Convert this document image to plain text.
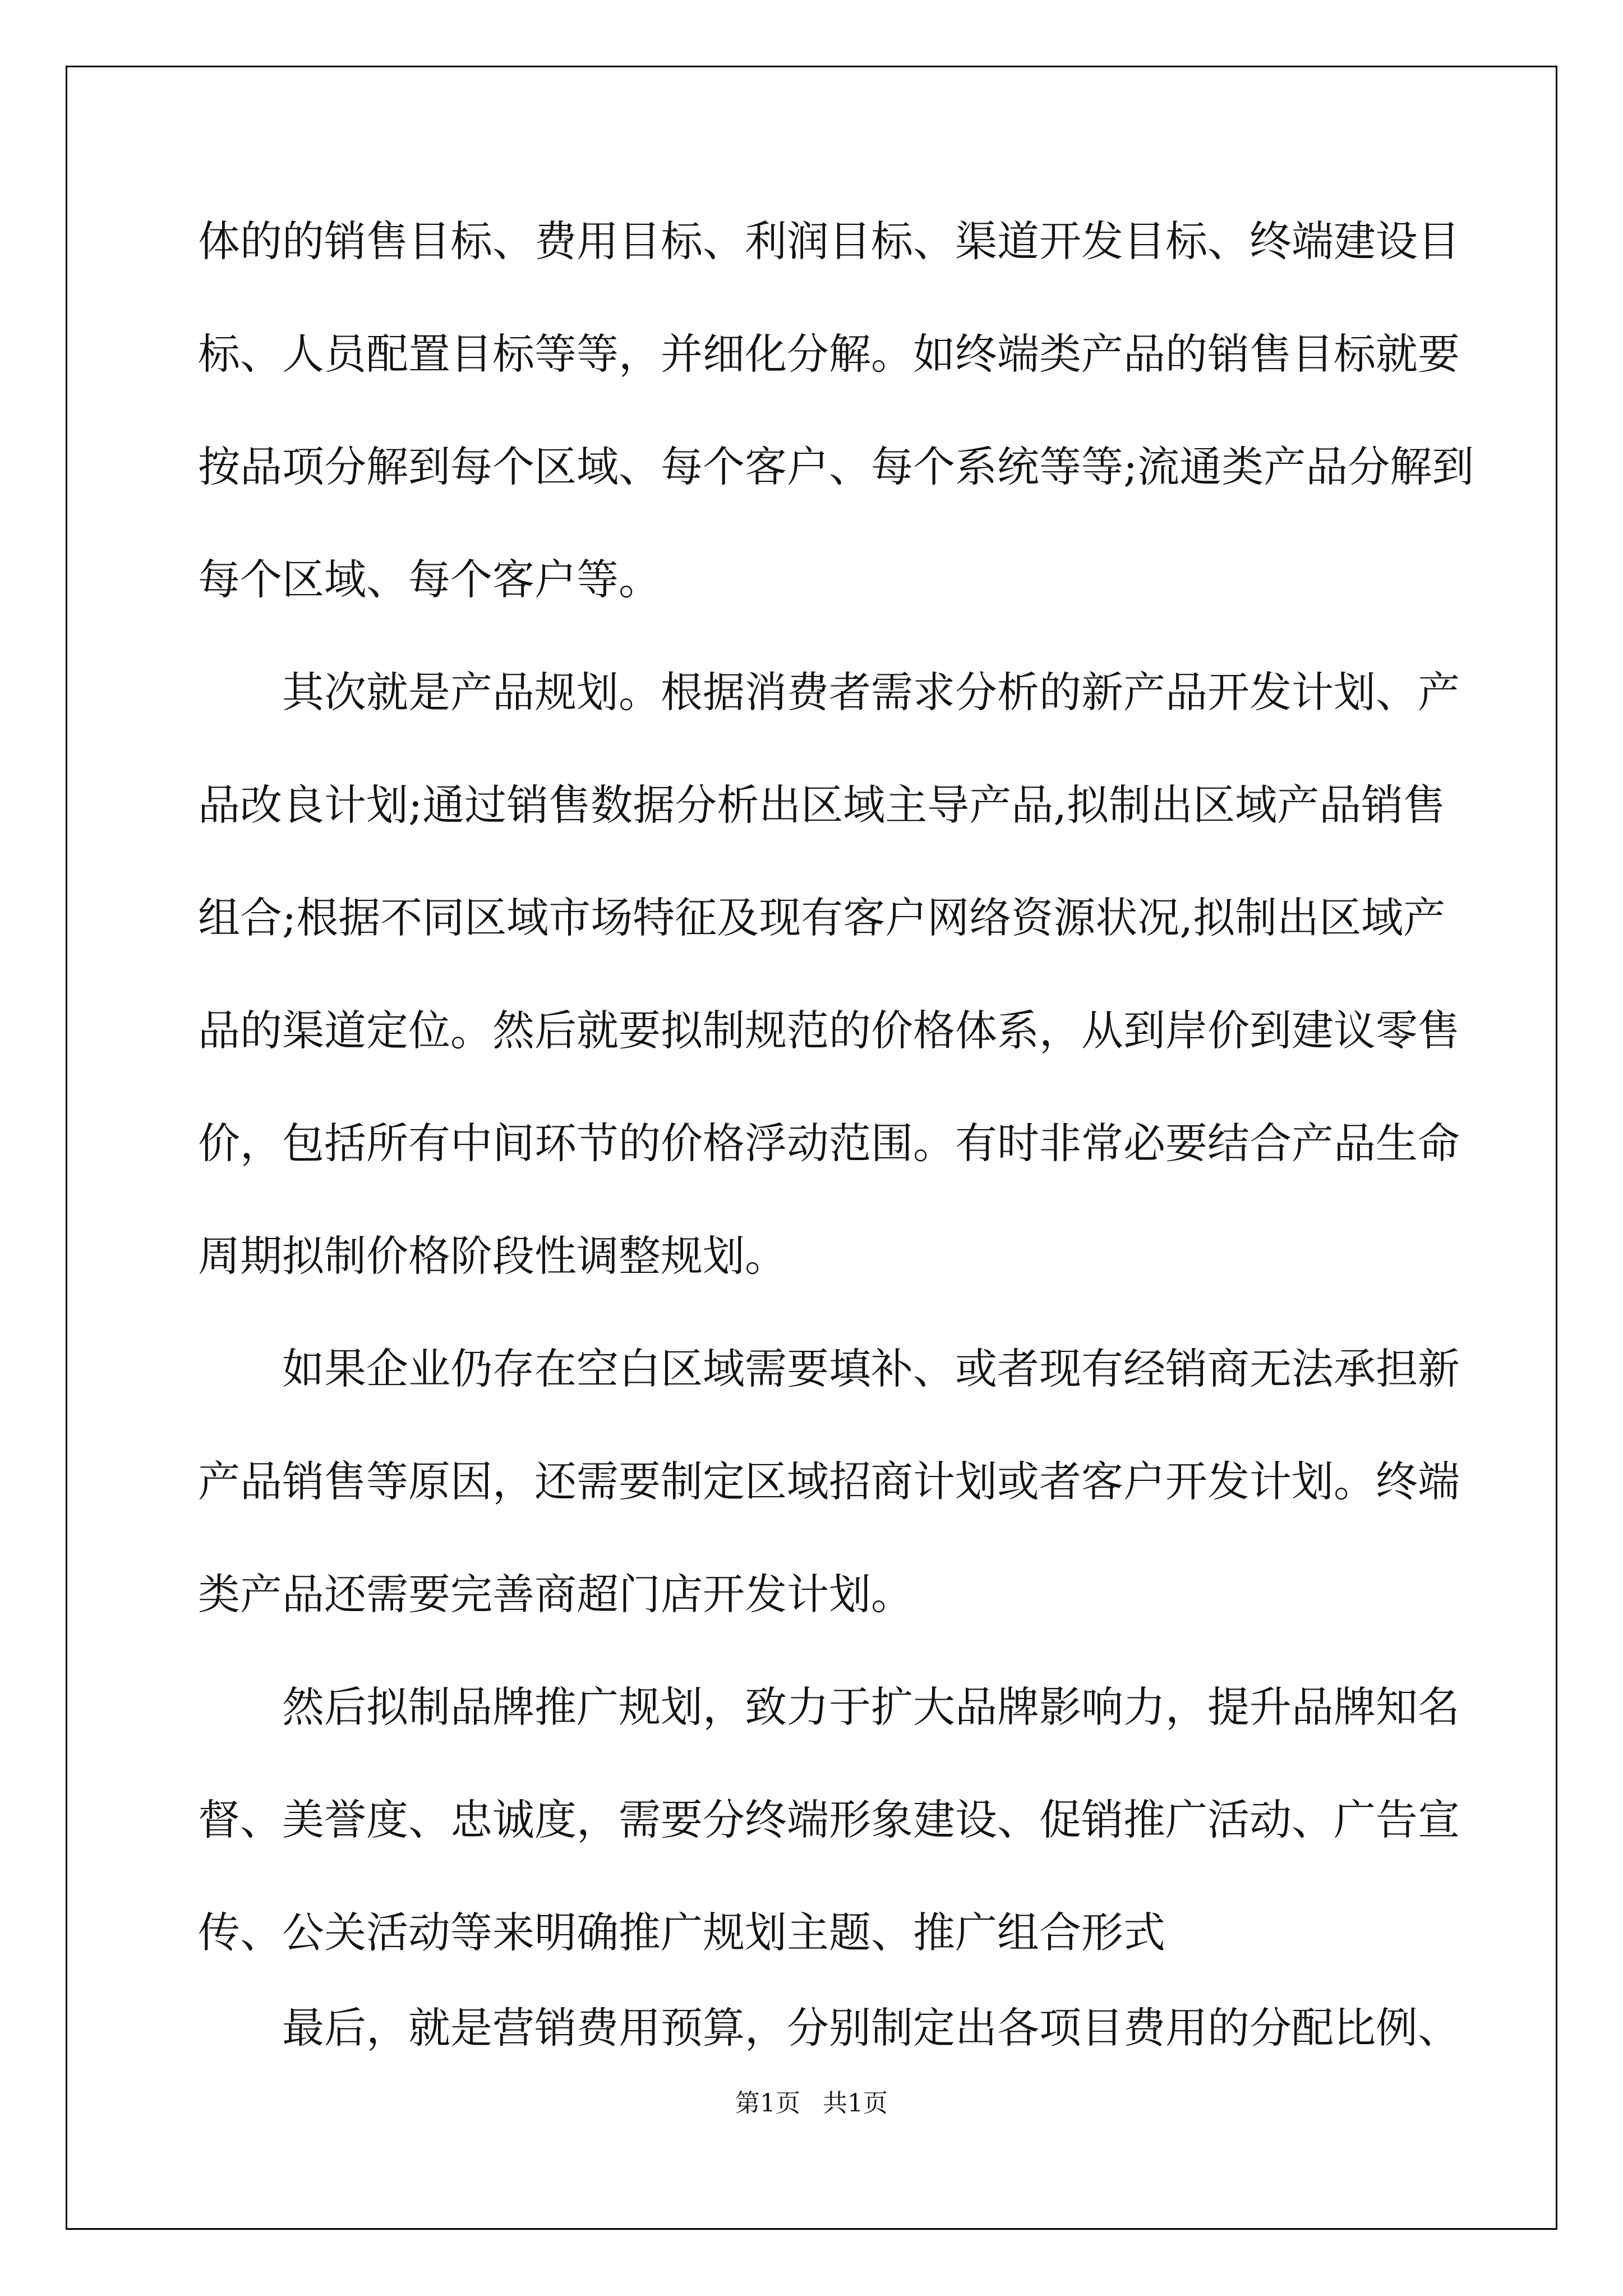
体的的销售目标、费用目标、利润目标、渠道开发目标、终端建设目
标、人员配置目标等等，并细化分解。如终端类产品的销售目标就要
按品项分解到每个区域、每个客户、每个系统等等;流通类产品分解到
每个区域、每个客户等。
其次就是产品规划。根据消费者需求分析的新产品开发计划、产
品改良计划;通过销售数据分析出区域主导产品,拟制出区域产品销售
组合;根据不同区域市场特征及现有客户网络资源状况,拟制出区域产
品的渠道定位。然后就要拟制规范的价格体系，从到岸价到建议零售
价，包括所有中间环节的价格浮动范围。有时非常必要结合产品生命
周期拟制价格阶段性调整规划。
如果企业仍存在空白区域需要填补、或者现有经销商无法承担新
产品销售等原因，还需要制定区域招商计划或者客户开发计划。终端
类产品还需要完善商超门店开发计划。
然后拟制品牌推广规划，致力于扩大品牌影响力，提升品牌知名
督、美誉度、忠诚度，需要分终端形象建设、促销推广活动、广告宣
传、公关活动等来明确推广规划主题、推广组合形式
最后，就是营销费用预算，分别制定出各项目费用的分配比例、
第1页 共1页
